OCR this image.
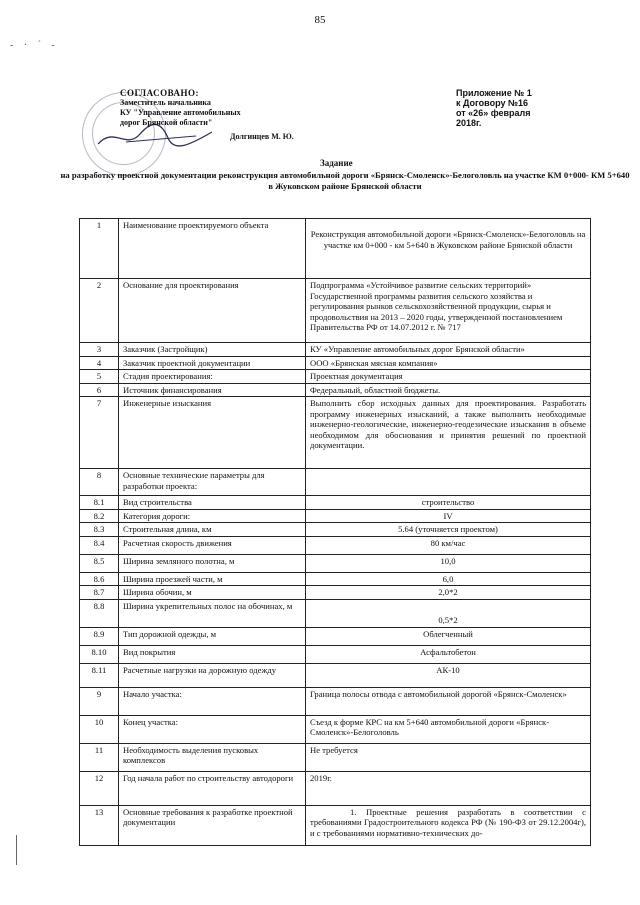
85
- · ´ -
СОГЛАСОВАНО:
Заместитель начальника
КУ "Управление автомобильных
дорог Брянской области"
Долгинцев М. Ю.
Приложение № 1
к Договору №16
от «26» февраля
2018г.
Задание
на разработку проектной документации реконструкция автомобильной дороги «Брянск-Смоленск»-Белоголовль на участке КМ 0+000- КМ 5+640 в Жуковском районе Брянской области
1	Наименование проектируемого объекта	Реконструкция автомобильной дороги «Брянск-Смоленск»-Белоголовль на участке км 0+000 - км 5+640 в Жуковском районе Брянской области
2	Основание для проектирования	Подпрограмма «Устойчивое развитие сельских территорий» Государственной программы развития сельского хозяйства и регулирования рынков сельскохозяйственной продукции, сырья и продовольствия на 2013 – 2020 годы, утвержденной постановлением Правительства РФ от 14.07.2012 г. № 717
3	Заказчик (Застройщик)	КУ «Управление автомобильных дорог Брянской области»
4	Заказчик проектной документации	ООО «Брянская мясная компания»
5	Стадия проектирования:	Проектная документация
6	Источник финансирования	Федеральный, областной бюджеты.
7	Инженерные изыскания	Выполнить сбор исходных данных для проектирования. Разработать программу инженерных изысканий, а также выполнить необходимые инженерно-геологические, инженерно-геодезические изыскания в объеме необходимом для обоснования и принятия решений по проектной документации.
8	Основные технические параметры для разработки проекта:	
8.1	Вид строительства	строительство
8.2	Категория дороги:	IV
8.3	Строительная длина, км	5.64 (уточняется проектом)
8.4	Расчетная скорость движения	80 км/час
8.5	Ширина земляного полотна, м	10,0
8.6	Ширина проезжей части, м	6,0
8.7	Ширина обочин, м	2,0*2
8.8	Ширина укрепительных полос на обочинах, м	0,5*2
8.9	Тип дорожной одежды, м	Облегченный
8.10	Вид покрытия	Асфальтобетон
8.11	Расчетные нагрузки на дорожную одежду	АК-10
9	Начало участка:	Граница полосы отвода с автомобильной дорогой «Брянск-Смоленск»
10	Конец участка:	Съезд к форме КРС на км 5+640 автомобильной дороги «Брянск-Смоленск»-Белоголовль
11	Необходимость выделения пусковых комплексов	Не требуется
12	Год начала работ по строительству автодороги	2019г.
13	Основные требования к разработке проектной документации	1. Проектные решения разработать в соответствии с требованиями Градостроительного кодекса РФ (№ 190-ФЗ от 29.12.2004г), и с требованиями нормативно-технических до-
